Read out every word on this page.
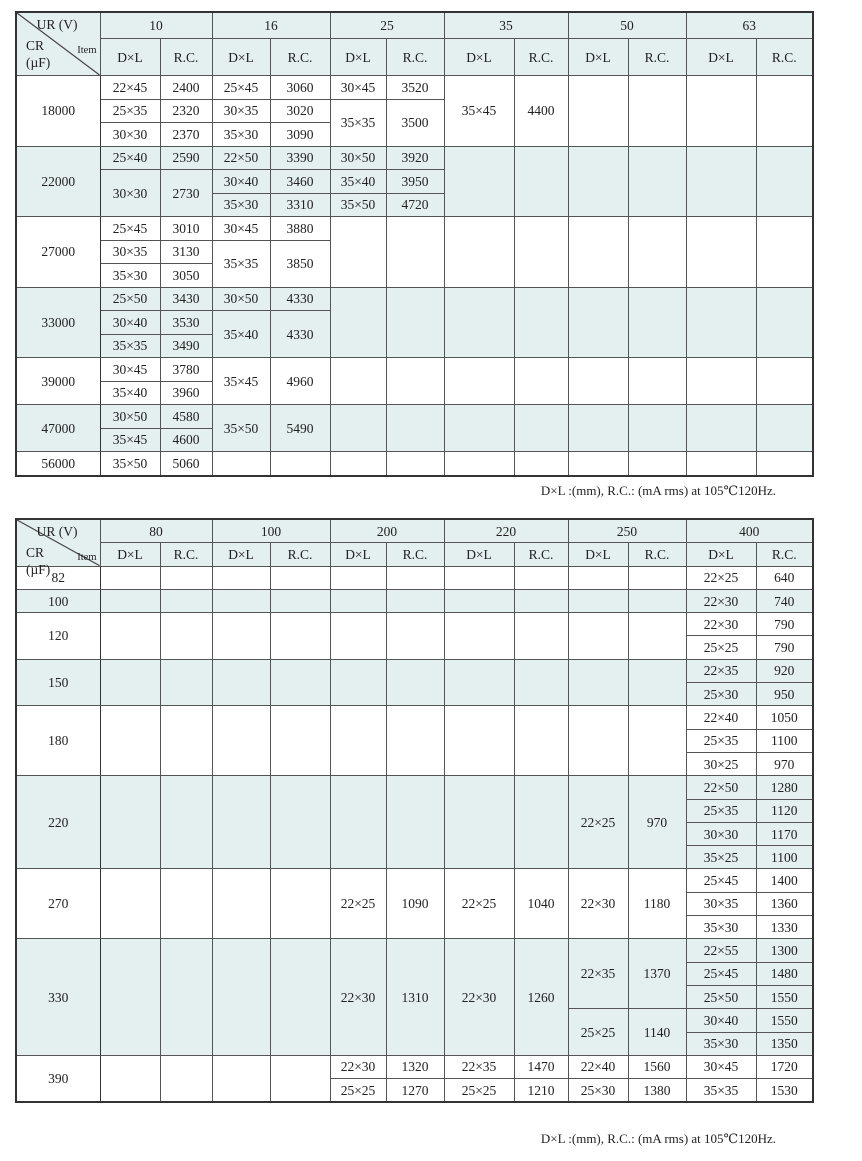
UR (V)
CR Item
(µF)	10		16		25		35		50		63	
	D×L	R.C.	D×L	R.C.	D×L	R.C.	D×L	R.C.	D×L	R.C.	D×L	R.C.
18000	22×45	2400	25×45	3060	30×45	3520	35×45	4400				
	25×35	2320	30×35	3020	35×35	3500						
	30×30	2370	35×30	3090								
22000	25×40	2590	22×50	3390	30×50	3920						
	30×30	2730	30×40	3460	35×40	3950						
			35×30	3310	35×50	4720						
27000	25×45	3010	30×45	3880								
	30×35	3130	35×35	3850								
	35×30	3050										
33000	25×50	3430	30×50	4330								
	30×40	3530	35×40	4330								
	35×35	3490										
39000	30×45	3780	35×45	4960								
	35×40	3960										
47000	30×50	4580	35×50	5490								
	35×45	4600										
56000	35×50	5060										
D×L :(mm), R.C.: (mA rms) at 105℃120Hz.
UR (V)
CR Item
(µF)	80		100		200		220		250		400	
	D×L	R.C.	D×L	R.C.	D×L	R.C.	D×L	R.C.	D×L	R.C.	D×L	R.C.
82											22×25	640
100											22×30	740
120											22×30	790
											25×25	790
150											22×35	920
											25×30	950
180											22×40	1050
											25×35	1100
											30×25	970
220									22×25	970	22×50	1280
											25×35	1120
											30×30	1170
											35×25	1100
270					22×25	1090	22×25	1040	22×30	1180	25×45	1400
											30×35	1360
											35×30	1330
330					22×30	1310	22×30	1260	22×35	1370	22×55	1300
											25×45	1480
											25×50	1550
									25×25	1140	30×40	1550
											35×30	1350
390					22×30	1320	22×35	1470	22×40	1560	30×45	1720
					25×25	1270	25×25	1210	25×30	1380	35×35	1530
D×L :(mm), R.C.: (mA rms) at 105℃120Hz.
